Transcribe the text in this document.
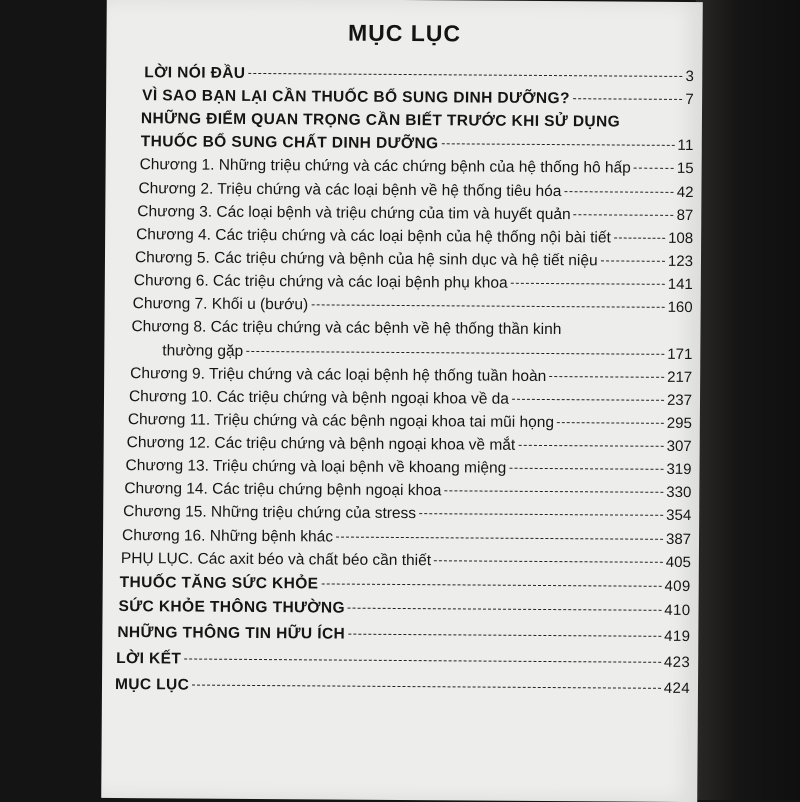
MỤC LỤC
LỜI NÓI ĐẦU	3
VÌ SAO BẠN LẠI CẦN THUỐC BỔ SUNG DINH DƯỠNG?	7
NHỮNG ĐIỂM QUAN TRỌNG CẦN BIẾT TRƯỚC KHI SỬ DỤNG
THUỐC BỔ SUNG CHẤT DINH DƯỠNG	11
Chương 1. Những triệu chứng và các chứng bệnh của hệ thống hô hấp	15
Chương 2. Triệu chứng và các loại bệnh về hệ thống tiêu hóa	42
Chương 3. Các loại bệnh và triệu chứng của tim và huyết quản	87
Chương 4. Các triệu chứng và các loại bệnh của hệ thống nội bài tiết	108
Chương 5. Các triệu chứng và bệnh của hệ sinh dục và hệ tiết niệu	123
Chương 6. Các triệu chứng và các loại bệnh phụ khoa	141
Chương 7. Khối u (bướu)	160
Chương 8. Các triệu chứng và các bệnh về hệ thống thần kinh
thường gặp	171
Chương 9. Triệu chứng và các loại bệnh hệ thống tuần hoàn	217
Chương 10. Các triệu chứng và bệnh ngoại khoa về da	237
Chương 11. Triệu chứng và các bệnh ngoại khoa tai mũi họng	295
Chương 12. Các triệu chứng và bệnh ngoại khoa về mắt	307
Chương 13. Triệu chứng và loại bệnh về khoang miệng	319
Chương 14. Các triệu chứng bệnh ngoại khoa	330
Chương 15. Những triệu chứng của stress	354
Chương 16. Những bệnh khác	387
PHỤ LỤC. Các axit béo và chất béo cần thiết	405
THUỐC TĂNG SỨC KHỎE	409
SỨC KHỎE THÔNG THƯỜNG	410
NHỮNG THÔNG TIN HỮU ÍCH	419
LỜI KẾT	423
MỤC LỤC	424
